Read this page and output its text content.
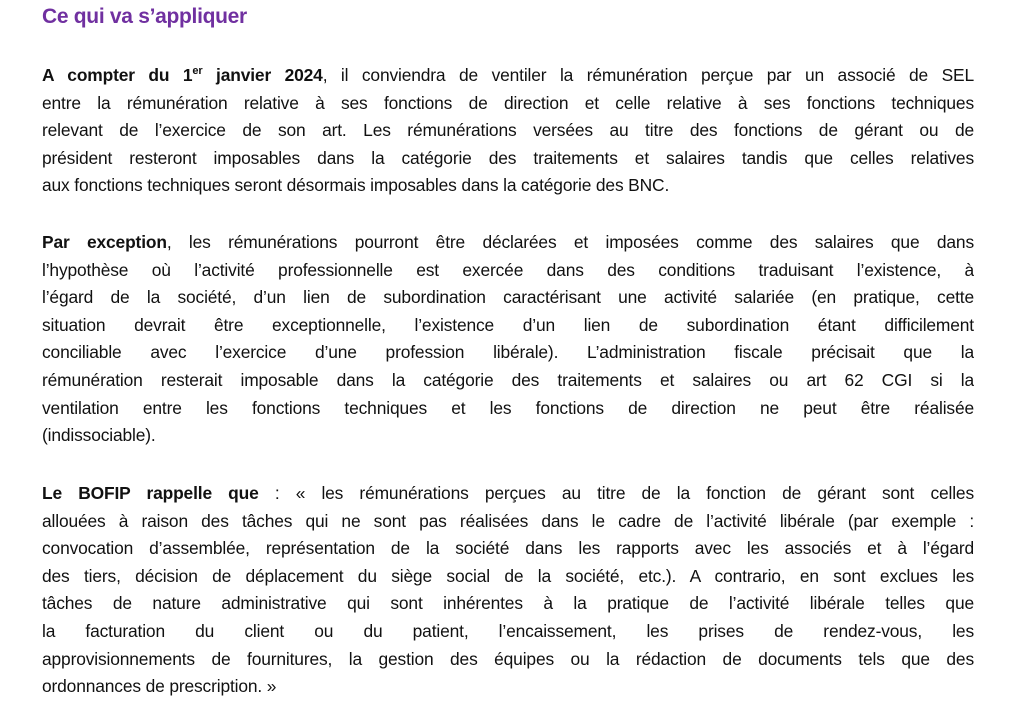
Ce qui va s’appliquer
A compter du 1er janvier 2024, il conviendra de ventiler la rémunération perçue par un associé de SEL
entre la rémunération relative à ses fonctions de direction et celle relative à ses fonctions techniques
relevant de l’exercice de son art. Les rémunérations versées au titre des fonctions de gérant ou de
président resteront imposables dans la catégorie des traitements et salaires tandis que celles relatives
aux fonctions techniques seront désormais imposables dans la catégorie des BNC.
Par exception, les rémunérations pourront être déclarées et imposées comme des salaires que dans
l’hypothèse où l’activité professionnelle est exercée dans des conditions traduisant l’existence, à
l’égard de la société, d’un lien de subordination caractérisant une activité salariée (en pratique, cette
situation devrait être exceptionnelle, l’existence d’un lien de subordination étant difficilement
conciliable avec l’exercice d’une profession libérale). L’administration fiscale précisait que la
rémunération resterait imposable dans la catégorie des traitements et salaires ou art 62 CGI si la
ventilation entre les fonctions techniques et les fonctions de direction ne peut être réalisée
(indissociable).
Le BOFIP rappelle que : « les rémunérations perçues au titre de la fonction de gérant sont celles
allouées à raison des tâches qui ne sont pas réalisées dans le cadre de l’activité libérale (par exemple :
convocation d’assemblée, représentation de la société dans les rapports avec les associés et à l’égard
des tiers, décision de déplacement du siège social de la société, etc.). A contrario, en sont exclues les
tâches de nature administrative qui sont inhérentes à la pratique de l’activité libérale telles que
la facturation du client ou du patient, l’encaissement, les prises de rendez-vous, les
approvisionnements de fournitures, la gestion des équipes ou la rédaction de documents tels que des
ordonnances de prescription. »
